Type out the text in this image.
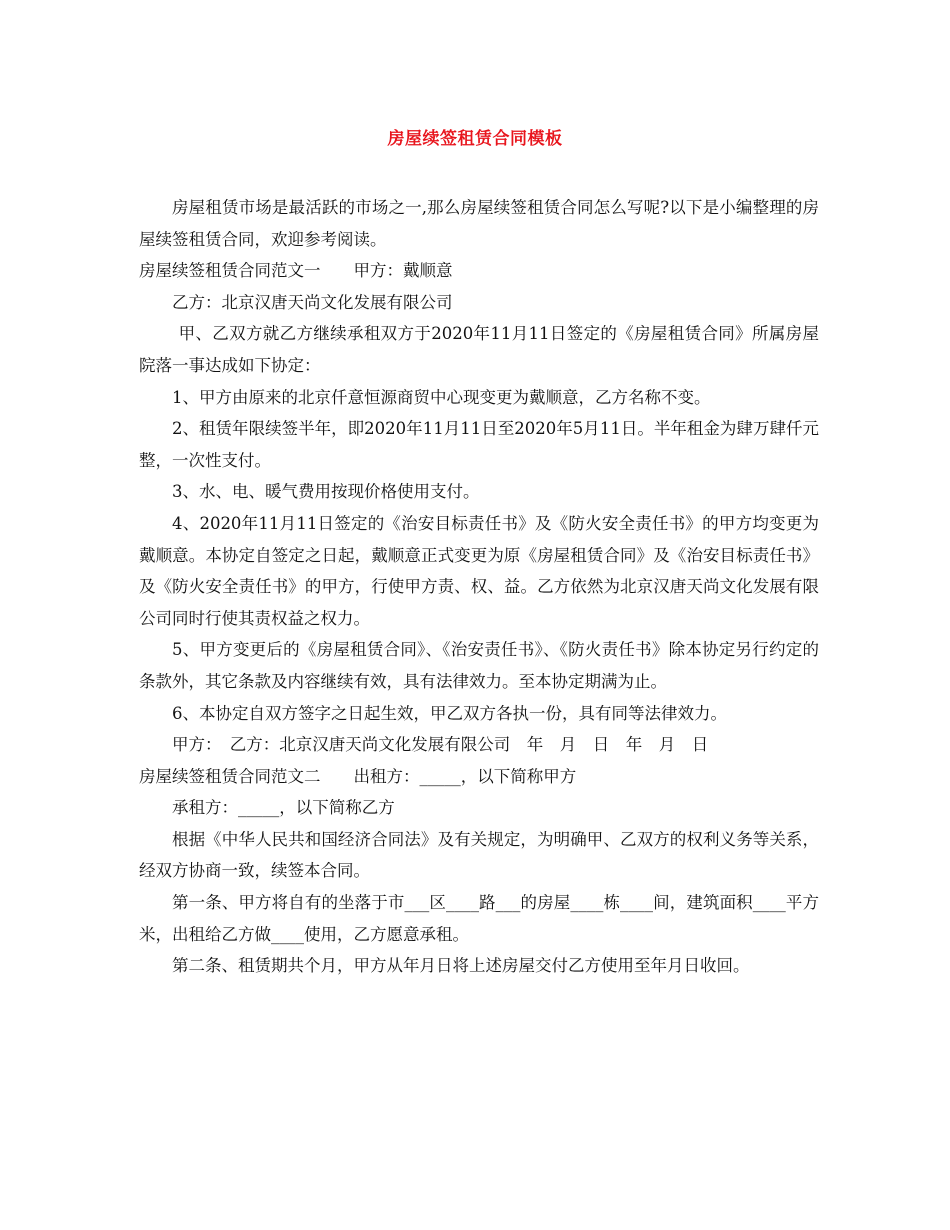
房屋续签租赁合同模板

房屋租赁市场是最活跃的市场之一,那么房屋续签租赁合同怎么写呢?以下是小编整理的房屋续签租赁合同，欢迎参考阅读。

房屋续签租赁合同范文一　　甲方：戴顺意

乙方：北京汉唐天尚文化发展有限公司

甲、乙双方就乙方继续承租双方于2020年11月11日签定的《房屋租赁合同》所属房屋院落一事达成如下协定：

1、甲方由原来的北京仟意恒源商贸中心现变更为戴顺意，乙方名称不变。

2、租赁年限续签半年，即2020年11月11日至2020年5月11日。半年租金为肆万肆仟元整，一次性支付。

3、水、电、暖气费用按现价格使用支付。

4、2020年11月11日签定的《治安目标责任书》及《防火安全责任书》的甲方均变更为戴顺意。本协定自签定之日起，戴顺意正式变更为原《房屋租赁合同》及《治安目标责任书》及《防火安全责任书》的甲方，行使甲方责、权、益。乙方依然为北京汉唐天尚文化发展有限公司同时行使其责权益之权力。

5、甲方变更后的《房屋租赁合同》、《治安责任书》、《防火责任书》除本协定另行约定的条款外，其它条款及内容继续有效，具有法律效力。至本协定期满为止。

6、本协定自双方签字之日起生效，甲乙双方各执一份，具有同等法律效力。

甲方：　乙方：北京汉唐天尚文化发展有限公司　年　月　日　年　月　日

房屋续签租赁合同范文二　　出租方：_____，以下简称甲方

承租方：_____，以下简称乙方

根据《中华人民共和国经济合同法》及有关规定，为明确甲、乙双方的权利义务等关系，经双方协商一致，续签本合同。

第一条、甲方将自有的坐落于市___区____路___的房屋____栋____间，建筑面积____平方米，出租给乙方做____使用，乙方愿意承租。

第二条、租赁期共个月，甲方从年月日将上述房屋交付乙方使用至年月日收回。
